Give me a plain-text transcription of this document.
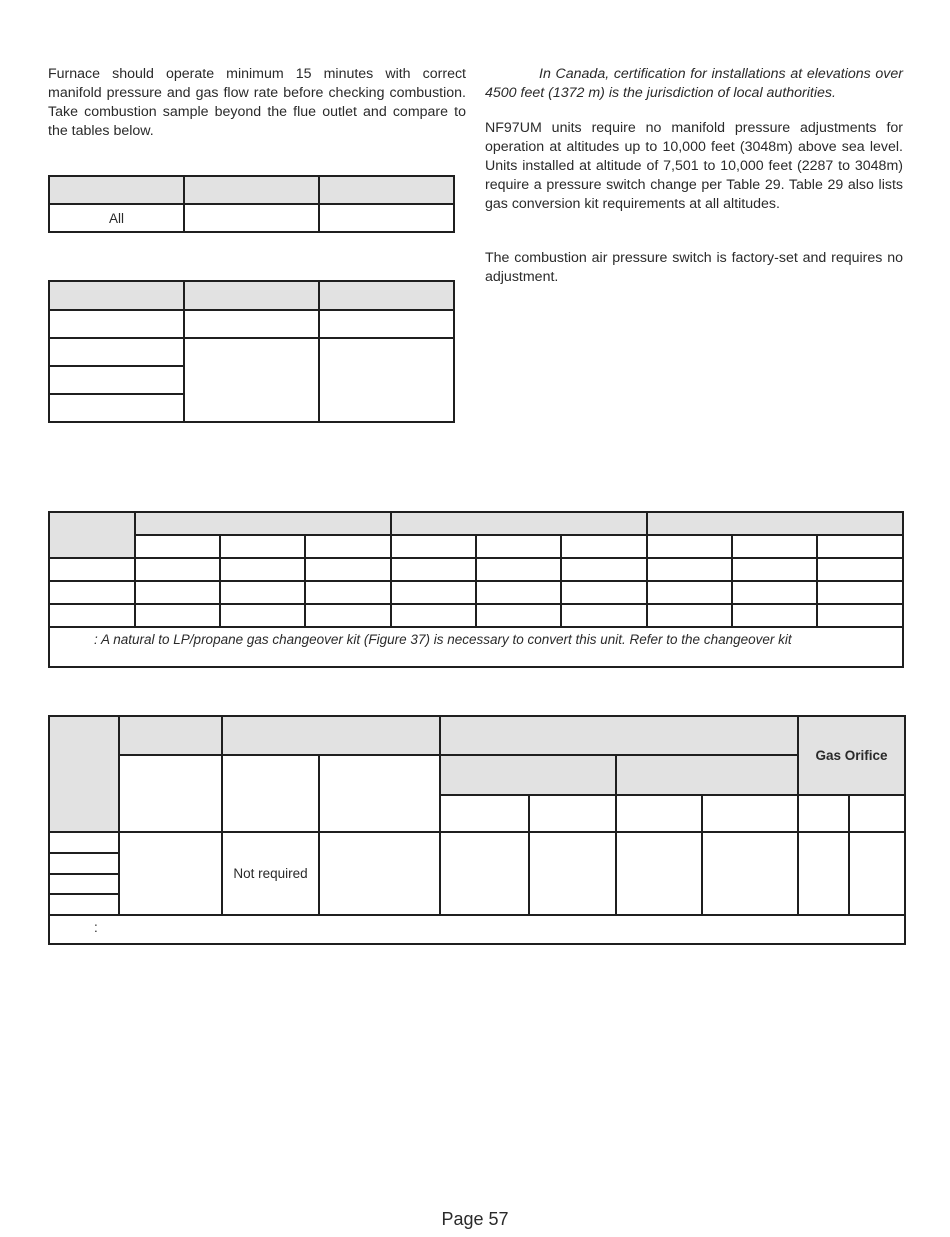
Furnace should operate minimum 15 minutes with correct manifold pressure and gas flow rate before checking combustion. Take combustion sample beyond the flue outlet and compare to the tables below.

In Canada, certification for installations at elevations over 4500 feet (1372 m) is the jurisdiction of local authorities.

NF97UM units require no manifold pressure adjustments for operation at altitudes up to 10,000 feet (3048m) above sea level. Units installed at altitude of 7,501 to 10,000 feet (2287 to 3048m) require a pressure switch change per Table 29. Table 29 also lists gas conversion kit requirements at all altitudes.

The combustion air pressure switch is factory-set and requires no adjustment.

All		

: A natural to LP/propane gas changeover kit (Figure 37) is necessary to convert this unit. Refer to the changeover kit									
								Gas Orifice	

		Not required							

:									
Page 57
